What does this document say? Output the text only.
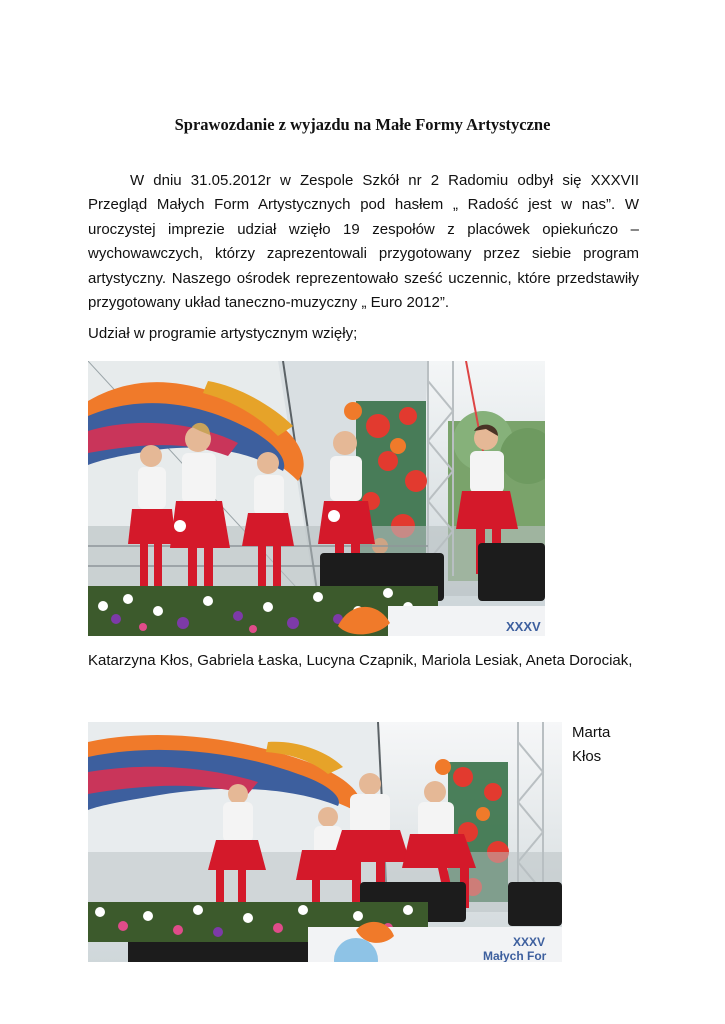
Sprawozdanie z wyjazdu na Małe Formy Artystyczne

W dniu 31.05.2012r w Zespole Szkół nr 2 Radomiu odbył się XXXVII Przegląd Małych Form Artystycznych pod hasłem „ Radość jest w nas”. W uroczystej imprezie udział wzięło 19 zespołów z placówek opiekuńczo – wychowawczych, którzy zaprezentowali przygotowany przez siebie program artystyczny. Naszego ośrodek reprezentowało sześć uczennic, które przedstawiły przygotowany układ taneczno-muzyczny „ Euro 2012”.

Udział w programie artystycznym wzięły;

XXXV

Katarzyna Kłos, Gabriela Łaska, Lucyna Czapnik, Mariola Lesiak, Aneta Dorociak,

Marta
Kłos
XXXV
Małych For
